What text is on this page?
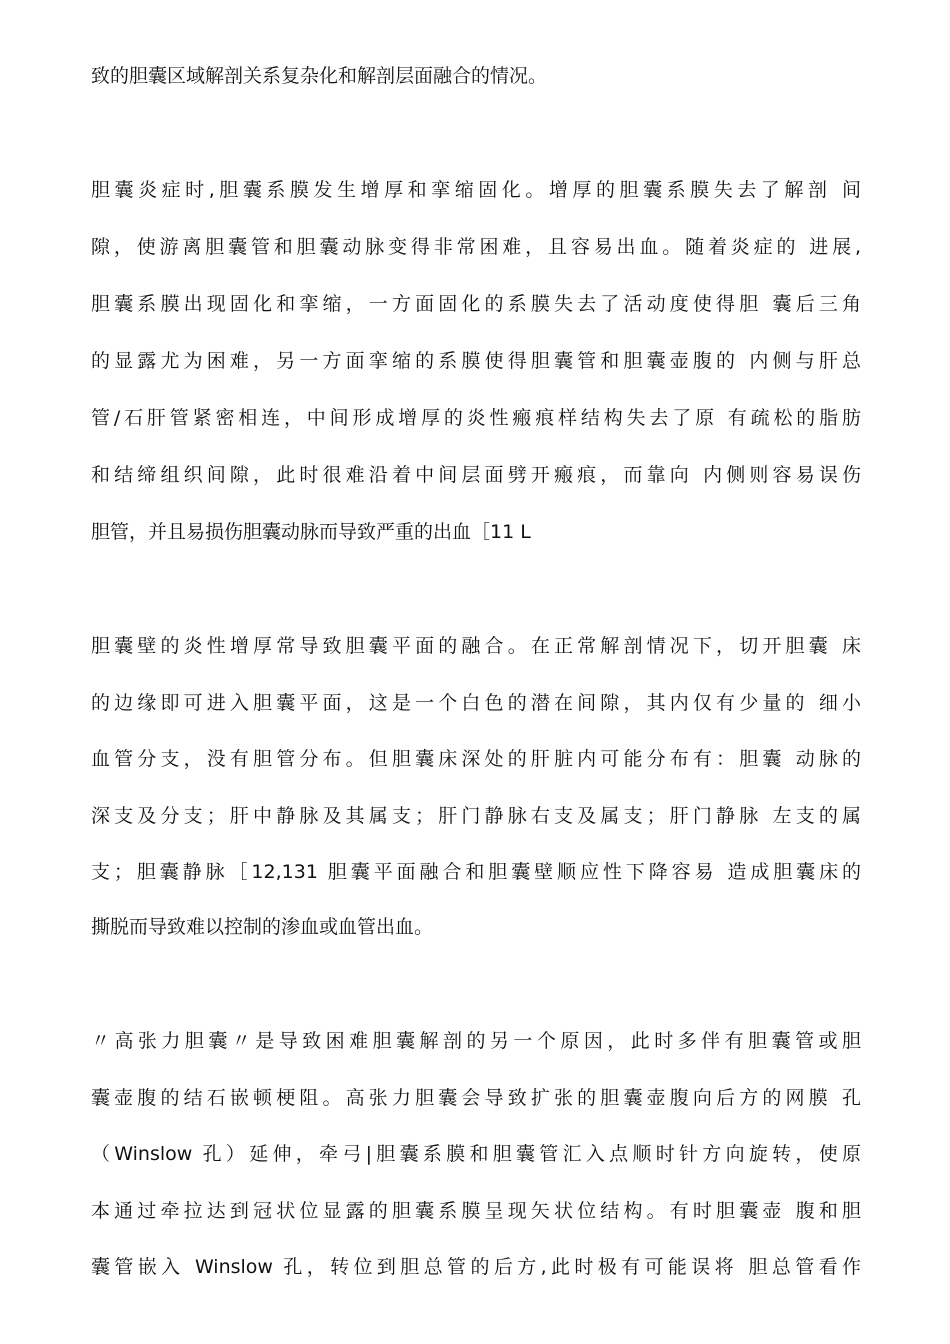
致的胆囊区域解剖关系复杂化和解剖层面融合的情况。
胆囊炎症时,胆囊系膜发生增厚和挛缩固化。增厚的胆囊系膜失去了解剖 间
隙，使游离胆囊管和胆囊动脉变得非常困难，且容易出血。随着炎症的 进展,
胆囊系膜出现固化和挛缩，一方面固化的系膜失去了活动度使得胆 囊后三角
的显露尤为困难，另一方面挛缩的系膜使得胆囊管和胆囊壶腹的 内侧与肝总
管/石肝管紧密相连，中间形成增厚的炎性瘢痕样结构失去了原 有疏松的脂肪
和结缔组织间隙，此时很难沿着中间层面劈开瘢痕，而靠向 内侧则容易误伤
胆管，并且易损伤胆囊动脉而导致严重的出血［11 L
胆囊壁的炎性增厚常导致胆囊平面的融合。在正常解剖情况下，切开胆囊 床
的边缘即可进入胆囊平面，这是一个白色的潜在间隙，其内仅有少量的 细小
血管分支，没有胆管分布。但胆囊床深处的肝脏内可能分布有：胆囊 动脉的
深支及分支；肝中静脉及其属支；肝门静脉右支及属支；肝门静脉 左支的属
支；胆囊静脉［12,131 胆囊平面融合和胆囊壁顺应性下降容易 造成胆囊床的
撕脱而导致难以控制的渗血或血管出血。
〃高张力胆囊〃是导致困难胆囊解剖的另一个原因，此时多伴有胆囊管或胆
囊壶腹的结石嵌顿梗阻。高张力胆囊会导致扩张的胆囊壶腹向后方的网膜 孔
（Winslow 孔）延伸，牵弓|胆囊系膜和胆囊管汇入点顺时针方向旋转，使原
本通过牵拉达到冠状位显露的胆囊系膜呈现矢状位结构。有时胆囊壶 腹和胆
囊管嵌入 Winslow 孔，转位到胆总管的后方,此时极有可能误将 胆总管看作
